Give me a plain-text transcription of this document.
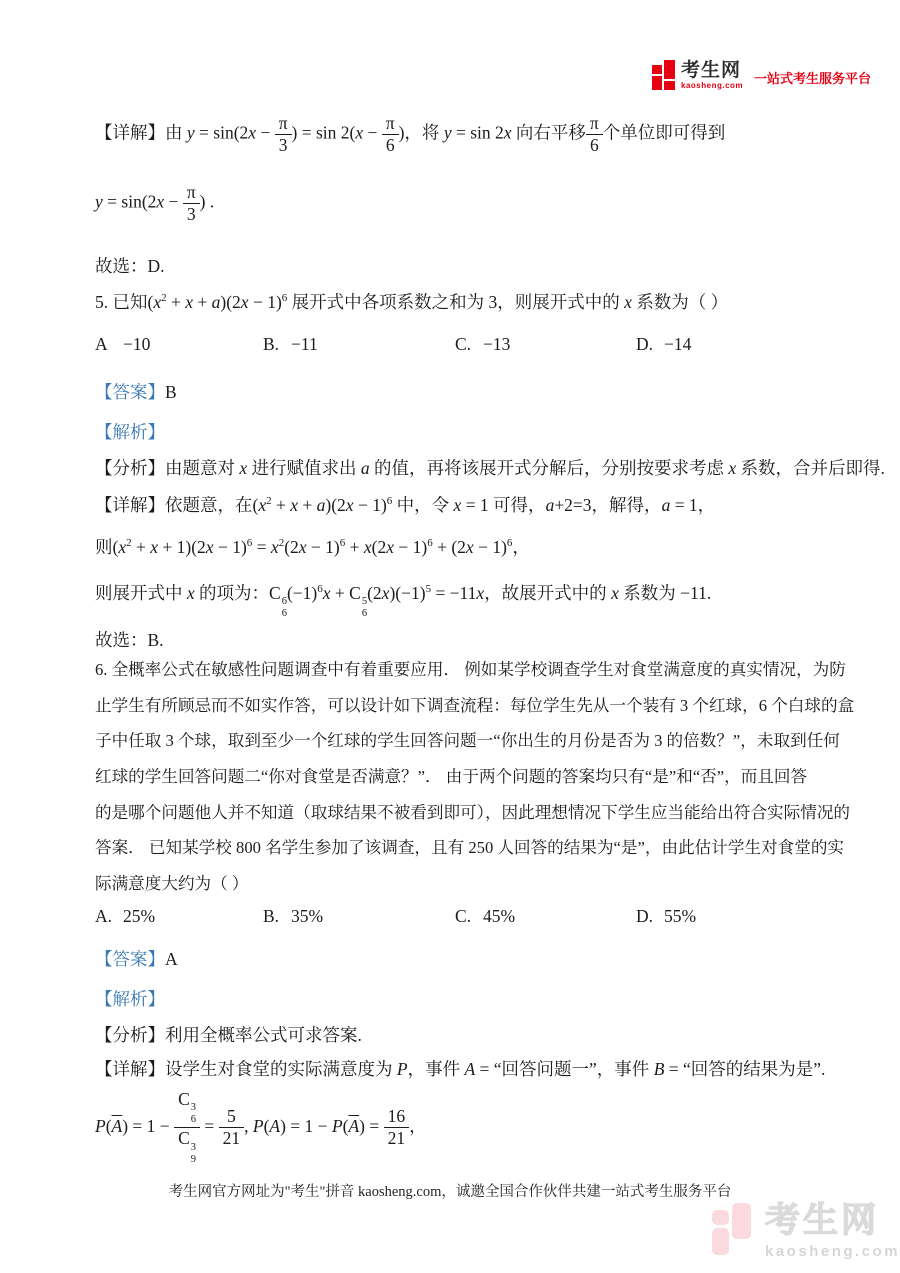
考生网
kaosheng.com 一站式考生服务平台
【详解】由 $y = \sin(2x - \frac{\pi}{3}$ ) = $\sin 2(x - \frac{\pi}{6}$ )，将 y = sin 2x 向右平移 $\frac{\pi}{6}$ 个单位即可得到
$y = \sin(2x - \frac{\pi}{3}$ ) .
故选：D.
5. 已知$(x^2 + x + a)(2x - 1)^6$ 展开式中各项系数之和为 3，则展开式中的 x 系数为（ ）
A −10	B. −11	C. −13	D. −14
【答案】B
【解析】
【分析】由题意对 x 进行赋值求出 a 的值，再将该展开式分解后，分别按要求考虑 x 系数，合并后即得.
【详解】依题意，在$(x^2 + x + a)(2x - 1)^6$ 中，令 x = 1 可得，a+2=3，解得，a = 1，
则$(x^2 + x + 1)(2x - 1)^6 = x^2(2x - 1)^6 + x(2x - 1)^6 + (2x - 1)^6$，
则展开式中 x 的项为：C 6
6
$(-1)^6x + C$ 5
6
$(2x)(-1)^5 = -11x$，故展开式中的 x 系数为 −11.
故选：B.
6. 全概率公式在敏感性问题调查中有着重要应用． 例如某学校调查学生对食堂满意度的真实情况，为防
止学生有所顾忌而不如实作答，可以设计如下调查流程：每位学生先从一个装有 3 个红球，6 个白球的盒
子中任取 3 个球，取到至少一个红球的学生回答问题一“你出生的月份是否为 3 的倍数？”，未取到任何
红球的学生回答问题二“你对食堂是否满意？”． 由于两个问题的答案均只有“是”和“否”，而且回答
的是哪个问题他人并不知道（取球结果不被看到即可），因此理想情况下学生应当能给出符合实际情况的
答案． 已知某学校 800 名学生参加了该调查，且有 250 人回答的结果为“是”，由此估计学生对食堂的实
际满意度大约为（ ）
A. 25%	B. 35%	C. 45%	D. 55%
【答案】A
【解析】
【分析】利用全概率公式可求答案.
【详解】设学生对食堂的实际满意度为 P，事件 A = “回答问题一”，事件 B = “回答的结果为是”.
$P(\overline{A}) = 1 - C$ 3
6
C 3
$9 = \frac{5}{21}$ , $P(A) = 1 - P(\overline{A}) = \frac{16}{21}$ ，
考生网官方网址为"考生"拼音 kaosheng.com，诚邀全国合作伙伴共建一站式考生服务平台
考生网
kaosheng.com
